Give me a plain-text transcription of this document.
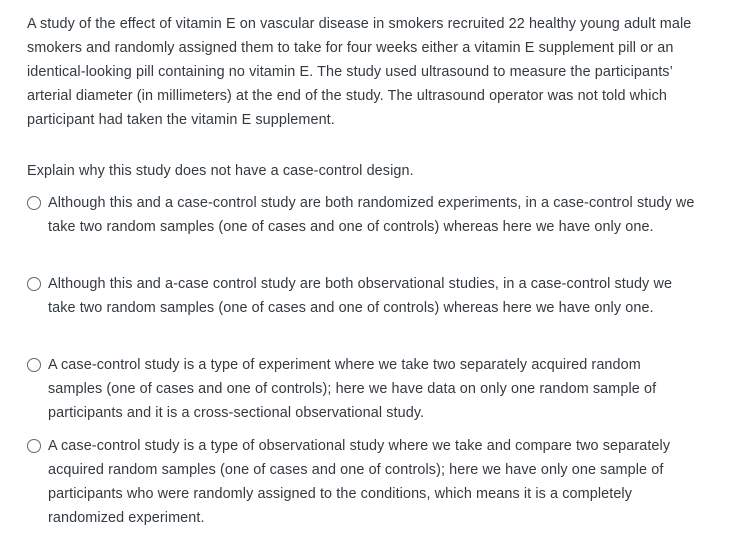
A study of the effect of vitamin E on vascular disease in smokers recruited 22 healthy young adult male smokers and randomly assigned them to take for four weeks either a vitamin E supplement pill or an identical-looking pill containing no vitamin E. The study used ultrasound to measure the participants’ arterial diameter (in millimeters) at the end of the study. The ultrasound operator was not told which participant had taken the vitamin E supplement.

Explain why this study does not have a case-control design.

Although this and a case-control study are both randomized experiments, in a case-control study we take two random samples (one of cases and one of controls) whereas here we have only one.
Although this and a-case control study are both observational studies, in a case-control study we take two random samples (one of cases and one of controls) whereas here we have only one.
A case-control study is a type of experiment where we take two separately acquired random samples (one of cases and one of controls); here we have data on only one random sample of participants and it is a cross-sectional observational study.
A case-control study is a type of observational study where we take and compare two separately acquired random samples (one of cases and one of controls); here we have only one sample of participants who were randomly assigned to the conditions, which means it is a completely randomized experiment.
